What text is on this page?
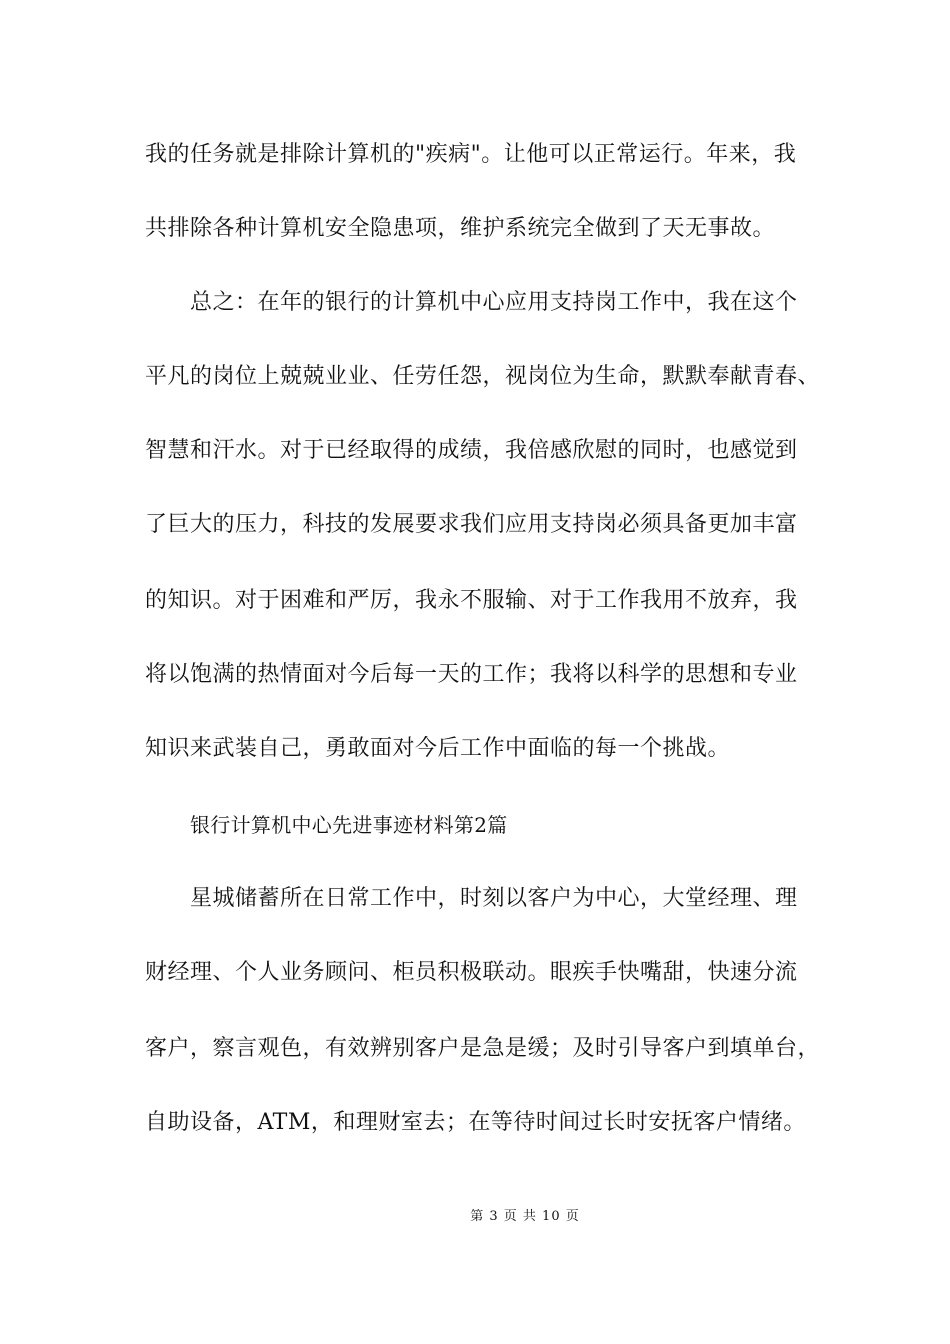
我的任务就是排除计算机的"疾病"。让他可以正常运行。年来，我
共排除各种计算机安全隐患项，维护系统完全做到了天无事故。
总之：在年的银行的计算机中心应用支持岗工作中，我在这个
平凡的岗位上兢兢业业、任劳任怨，视岗位为生命，默默奉献青春、
智慧和汗水。对于已经取得的成绩，我倍感欣慰的同时，也感觉到
了巨大的压力，科技的发展要求我们应用支持岗必须具备更加丰富
的知识。对于困难和严厉，我永不服输、对于工作我用不放弃，我
将以饱满的热情面对今后每一天的工作；我将以科学的思想和专业
知识来武装自己，勇敢面对今后工作中面临的每一个挑战。
银行计算机中心先进事迹材料第2篇
星城储蓄所在日常工作中，时刻以客户为中心，大堂经理、理
财经理、个人业务顾问、柜员积极联动。眼疾手快嘴甜，快速分流
客户，察言观色，有效辨别客户是急是缓；及时引导客户到填单台，
自助设备，ATM，和理财室去；在等待时间过长时安抚客户情绪。
第 3 页 共 10 页
